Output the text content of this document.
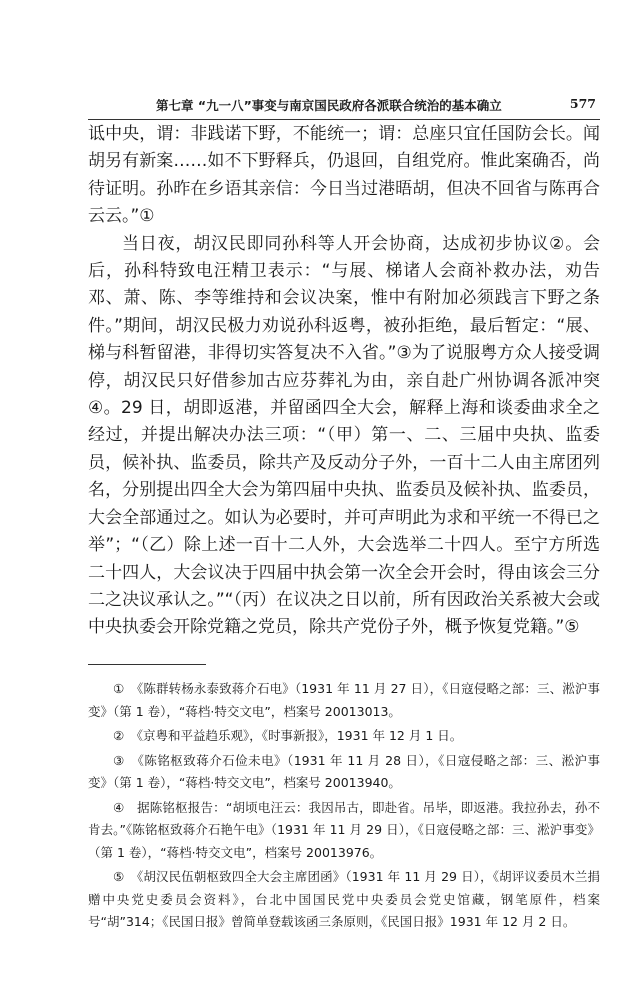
第七章 “九一八”事变与南京国民政府各派联合统治的基本确立	577

诋中央，谓：非践诺下野，不能统一；谓：总座只宜任国防会长。闻胡另有新案……如不下野释兵，仍退回，自组党府。惟此案确否，尚待证明。孙昨在乡语其亲信：今日当过港晤胡，但决不回省与陈再合云云。”①

当日夜，胡汉民即同孙科等人开会协商，达成初步协议②。会后，孙科特致电汪精卫表示：“与展、梯诸人会商补救办法，劝告邓、萧、陈、李等维持和会议决案，惟中有附加必须践言下野之条件。”期间，胡汉民极力劝说孙科返粤，被孙拒绝，最后暂定：“展、梯与科暂留港，非得切实答复决不入省。”③为了说服粤方众人接受调停，胡汉民只好借参加古应芬葬礼为由，亲自赴广州协调各派冲突④。29 日，胡即返港，并留函四全大会，解释上海和谈委曲求全之经过，并提出解决办法三项：“（甲）第一、二、三届中央执、监委员，候补执、监委员，除共产及反动分子外，一百十二人由主席团列名，分别提出四全大会为第四届中央执、监委员及候补执、监委员，大会全部通过之。如认为必要时，并可声明此为求和平统一不得已之举”；“（乙）除上述一百十二人外，大会选举二十四人。至宁方所选二十四人，大会议决于四届中执会第一次全会开会时，得由该会三分二之决议承认之。”“（丙）在议决之日以前，所有因政治关系被大会或中央执委会开除党籍之党员，除共产党份子外，概予恢复党籍。”⑤

①　《陈群转杨永泰致蒋介石电》（1931 年 11 月 27 日），《日寇侵略之部：三、淞沪事变》（第 1 卷），“蒋档·特交文电”，档案号 20013013。

②　《京粤和平益趋乐观》，《时事新报》，1931 年 12 月 1 日。

③　《陈铭枢致蒋介石俭未电》（1931 年 11 月 28 日），《日寇侵略之部：三、淞沪事变》（第 1 卷），“蒋档·特交文电”，档案号 20013940。

④　据陈铭枢报告：“胡顷电汪云：我因吊古，即赴省。吊毕，即返港。我拉孙去，孙不肯去。”《陈铭枢致蒋介石艳午电》（1931 年 11 月 29 日），《日寇侵略之部：三、淞沪事变》（第 1 卷），“蒋档·特交文电”，档案号 20013976。

⑤　《胡汉民伍朝枢致四全大会主席团函》（1931 年 11 月 29 日），《胡评议委员木兰捐赠中央党史委员会资料》，台北中国国民党中央委员会党史馆藏，钢笔原件，档案号“胡”314；《民国日报》曾简单登载该函三条原则，《民国日报》1931 年 12 月 2 日。
